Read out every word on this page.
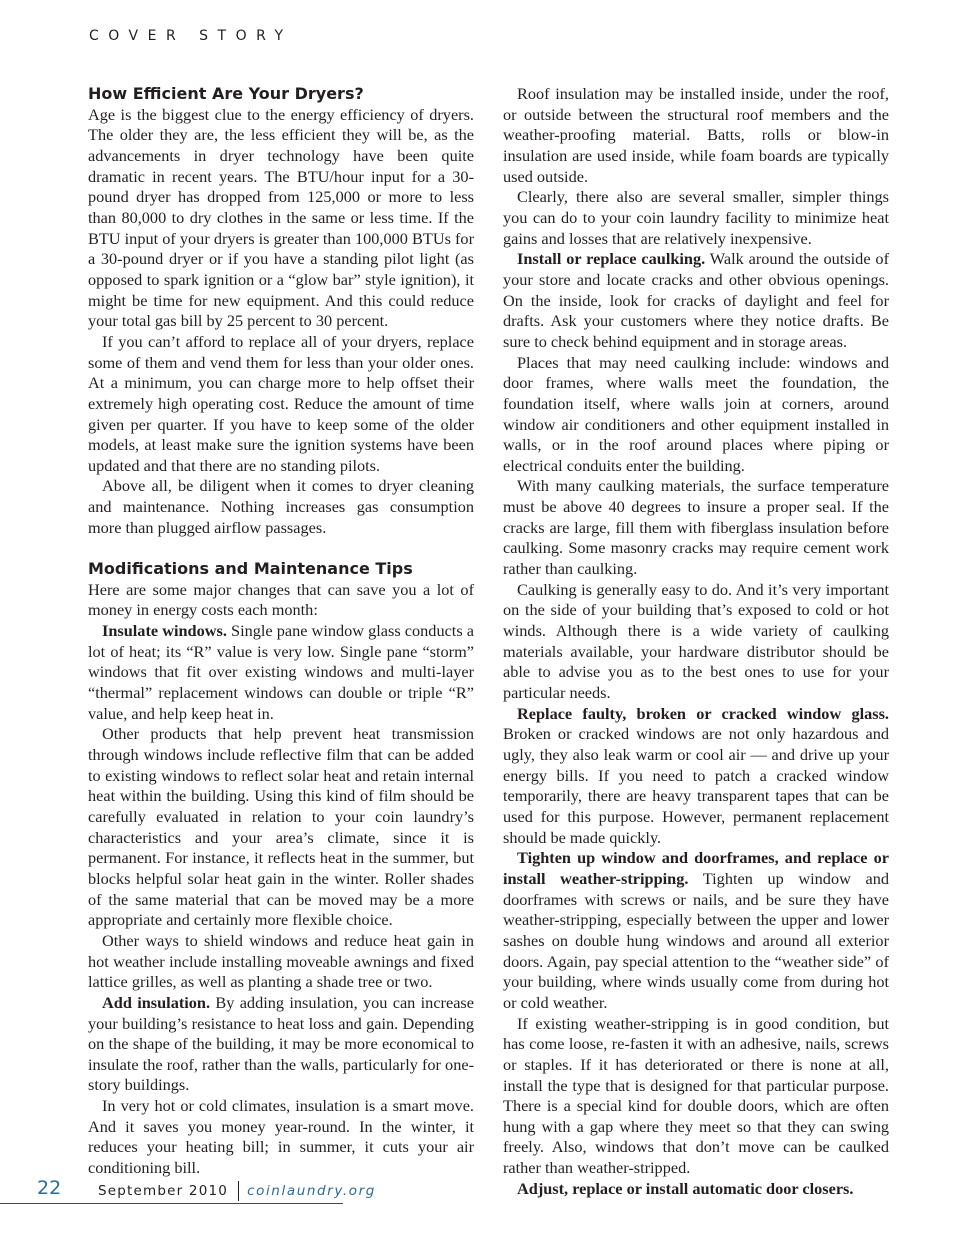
COVER STORY
How Efficient Are Your Dryers?

Age is the biggest clue to the energy efficiency of dryers. The older they are, the less efficient they will be, as the advancements in dryer technology have been quite dramatic in recent years. The BTU/hour input for a 30-pound dryer has dropped from 125,000 or more to less than 80,000 to dry clothes in the same or less time. If the BTU input of your dryers is greater than 100,000 BTUs for a 30-pound dryer or if you have a standing pilot light (as opposed to spark ignition or a “glow bar” style ignition), it might be time for new equipment. And this could reduce your total gas bill by 25 percent to 30 percent.

If you can’t afford to replace all of your dryers, replace some of them and vend them for less than your older ones. At a minimum, you can charge more to help offset their extremely high operating cost. Reduce the amount of time given per quarter. If you have to keep some of the older models, at least make sure the ignition systems have been updated and that there are no standing pilots.

Above all, be diligent when it comes to dryer cleaning and maintenance. Nothing increases gas consumption more than plugged airflow passages.

Modifications and Maintenance Tips

Here are some major changes that can save you a lot of money in energy costs each month:

Insulate windows. Single pane window glass conducts a lot of heat; its “R” value is very low. Single pane “storm” windows that fit over existing windows and multi-layer “thermal” replacement windows can double or triple “R” value, and help keep heat in.

Other products that help prevent heat transmission through windows include reflective film that can be added to existing windows to reflect solar heat and retain internal heat within the building. Using this kind of film should be carefully evaluated in relation to your coin laundry’s characteristics and your area’s climate, since it is permanent. For instance, it reflects heat in the summer, but blocks helpful solar heat gain in the winter. Roller shades of the same material that can be moved may be a more appropriate and certainly more flexible choice.

Other ways to shield windows and reduce heat gain in hot weather include installing moveable awnings and fixed lattice grilles, as well as planting a shade tree or two.

Add insulation. By adding insulation, you can increase your building’s resistance to heat loss and gain. Depending on the shape of the building, it may be more economical to insulate the roof, rather than the walls, particularly for one-story buildings.

In very hot or cold climates, insulation is a smart move. And it saves you money year-round. In the winter, it reduces your heating bill; in summer, it cuts your air conditioning bill.

Roof insulation may be installed inside, under the roof, or outside between the structural roof members and the weather-proofing material. Batts, rolls or blow-in insulation are used inside, while foam boards are typically used outside.

Clearly, there also are several smaller, simpler things you can do to your coin laundry facility to minimize heat gains and losses that are relatively inexpensive.

Install or replace caulking. Walk around the outside of your store and locate cracks and other obvious openings. On the inside, look for cracks of daylight and feel for drafts. Ask your customers where they notice drafts. Be sure to check behind equipment and in storage areas.

Places that may need caulking include: windows and door frames, where walls meet the foundation, the foundation itself, where walls join at corners, around window air conditioners and other equipment installed in walls, or in the roof around places where piping or electrical conduits enter the building.

With many caulking materials, the surface temperature must be above 40 degrees to insure a proper seal. If the cracks are large, fill them with fiberglass insulation before caulking. Some masonry cracks may require cement work rather than caulking.

Caulking is generally easy to do. And it’s very important on the side of your building that’s exposed to cold or hot winds. Although there is a wide variety of caulking materials available, your hardware distributor should be able to advise you as to the best ones to use for your particular needs.

Replace faulty, broken or cracked window glass. Broken or cracked windows are not only hazardous and ugly, they also leak warm or cool air — and drive up your energy bills. If you need to patch a cracked window temporarily, there are heavy transparent tapes that can be used for this purpose. However, permanent replacement should be made quickly.

Tighten up window and doorframes, and replace or install weather-stripping. Tighten up window and doorframes with screws or nails, and be sure they have weather-stripping, especially between the upper and lower sashes on double hung windows and around all exterior doors. Again, pay special attention to the “weather side” of your building, where winds usually come from during hot or cold weather.

If existing weather-stripping is in good condition, but has come loose, re-fasten it with an adhesive, nails, screws or staples. If it has deteriorated or there is none at all, install the type that is designed for that particular purpose. There is a special kind for double doors, which are often hung with a gap where they meet so that they can swing freely. Also, windows that don’t move can be caulked rather than weather-stripped.

Adjust, replace or install automatic door closers.

22	September 2010 coinlaundry.org
